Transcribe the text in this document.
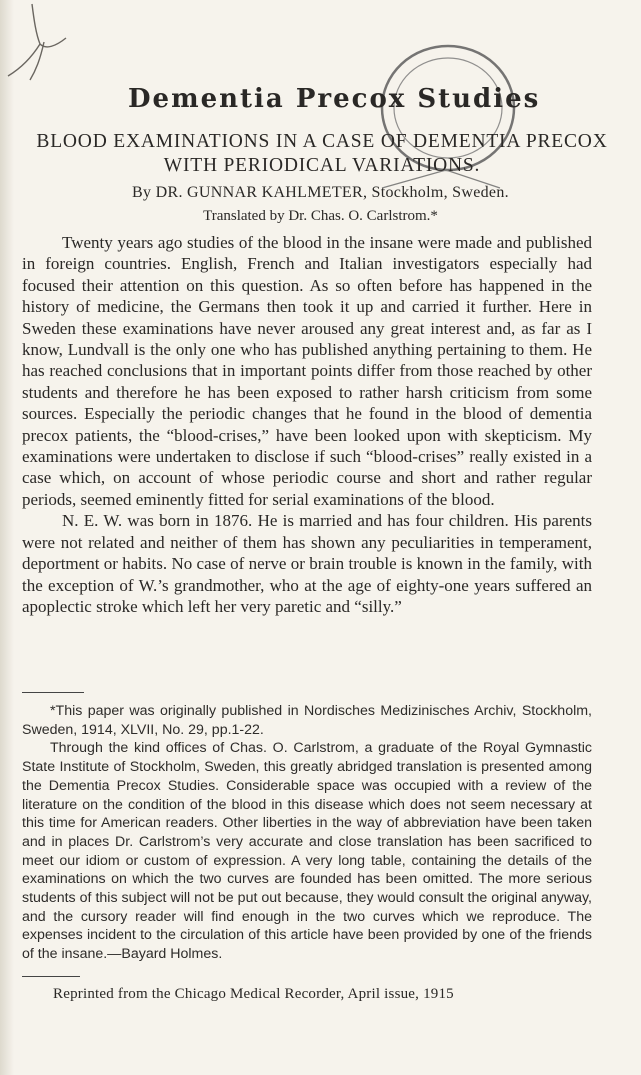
Dementia Precox Studies
BLOOD EXAMINATIONS IN A CASE OF DEMENTIA PRECOX
WITH PERIODICAL VARIATIONS.
By DR. GUNNAR KAHLMETER, Stockholm, Sweden.
Translated by Dr. Chas. O. Carlstrom.*

Twenty years ago studies of the blood in the insane were made and published in foreign countries. English, French and Italian investigators especially had focused their attention on this question. As so often before has happened in the history of medicine, the Germans then took it up and carried it further. Here in Sweden these examinations have never aroused any great interest and, as far as I know, Lundvall is the only one who has published anything pertaining to them. He has reached conclusions that in important points differ from those reached by other students and therefore he has been exposed to rather harsh criticism from some sources. Especially the periodic changes that he found in the blood of dementia precox patients, the “blood-crises,” have been looked upon with skepticism. My examinations were undertaken to disclose if such “blood-crises” really existed in a case which, on account of whose periodic course and short and rather regular periods, seemed eminently fitted for serial examinations of the blood.

N. E. W. was born in 1876. He is married and has four children. His parents were not related and neither of them has shown any peculiarities in temperament, deportment or habits. No case of nerve or brain trouble is known in the family, with the exception of W.’s grandmother, who at the age of eighty-one years suffered an apoplectic stroke which left her very paretic and “silly.”

*This paper was originally published in Nordisches Medizinisches Archiv, Stockholm, Sweden, 1914, XLVII, No. 29, pp.1-22.

Through the kind offices of Chas. O. Carlstrom, a graduate of the Royal Gymnastic State Institute of Stockholm, Sweden, this greatly abridged translation is presented among the Dementia Precox Studies. Considerable space was occupied with a review of the literature on the condition of the blood in this disease which does not seem necessary at this time for American readers. Other liberties in the way of abbreviation have been taken and in places Dr. Carlstrom’s very accurate and close translation has been sacrificed to meet our idiom or custom of expression. A very long table, containing the details of the examinations on which the two curves are founded has been omitted. The more serious students of this subject will not be put out because, they would consult the original anyway, and the cursory reader will find enough in the two curves which we reproduce. The expenses incident to the circulation of this article have been provided by one of the friends of the insane.—Bayard Holmes.

Reprinted from the Chicago Medical Recorder, April issue, 1915
